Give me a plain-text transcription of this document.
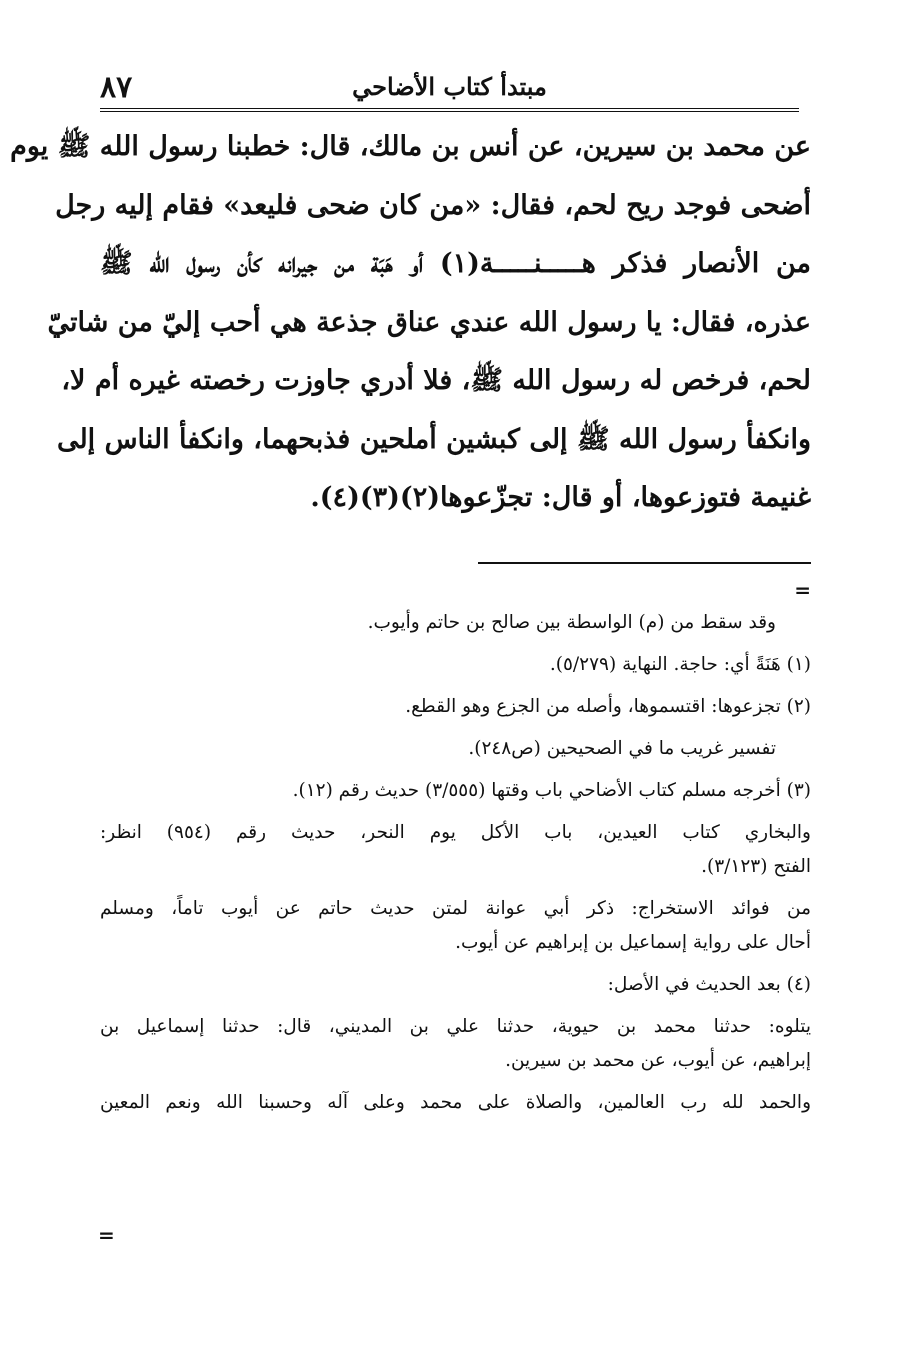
٨٧	مبتدأ كتاب الأضاحي
عن محمد بن سيرين، عن أنس بن مالك، قال: خطبنا رسول الله ﷺ يوم
أضحى فوجد ريح لحم، فقال: «من كان ضحى فليعد» فقام إليه رجل
من الأنصار فذكر هـــــنـــــة(١) أو هَبَة من جيرانه كأن رسول الله ﷺ
عذره، فقال: يا رسول الله عندي عناق جذعة هي أحب إليّ من شاتيّ
لحم، فرخص له رسول الله ﷺ، فلا أدري جاوزت رخصته غيره أم لا،
وانكفأ رسول الله ﷺ إلى كبشين أملحين فذبحهما، وانكفأ الناس إلى
غنيمة فتوزعوها، أو قال: تجزّعوها(٢)(٣)(٤).
=
وقد سقط من (م) الواسطة بين صالح بن حاتم وأيوب.
(١) هَنَةً أي: حاجة. النهاية (٥/٢٧٩).
(٢) تجزعوها: اقتسموها، وأصله من الجزع وهو القطع.
تفسير غريب ما في الصحيحين (ص٢٤٨).
(٣) أخرجه مسلم كتاب الأضاحي باب وقتها (٣/٥٥٥) حديث رقم (١٢).
والبخاري كتاب العيدين، باب الأكل يوم النحر، حديث رقم (٩٥٤) انظر:
الفتح (٣/١٢٣).
من فوائد الاستخراج: ذكر أبي عوانة لمتن حديث حاتم عن أيوب تاماً، ومسلم
أحال على رواية إسماعيل بن إبراهيم عن أيوب.
(٤) بعد الحديث في الأصل:
يتلوه: حدثنا محمد بن حيوية، حدثنا علي بن المديني، قال: حدثنا إسماعيل بن
إبراهيم، عن أيوب، عن محمد بن سيرين.
والحمد لله رب العالمين، والصلاة على محمد وعلى آله وحسبنا الله ونعم المعين
=
